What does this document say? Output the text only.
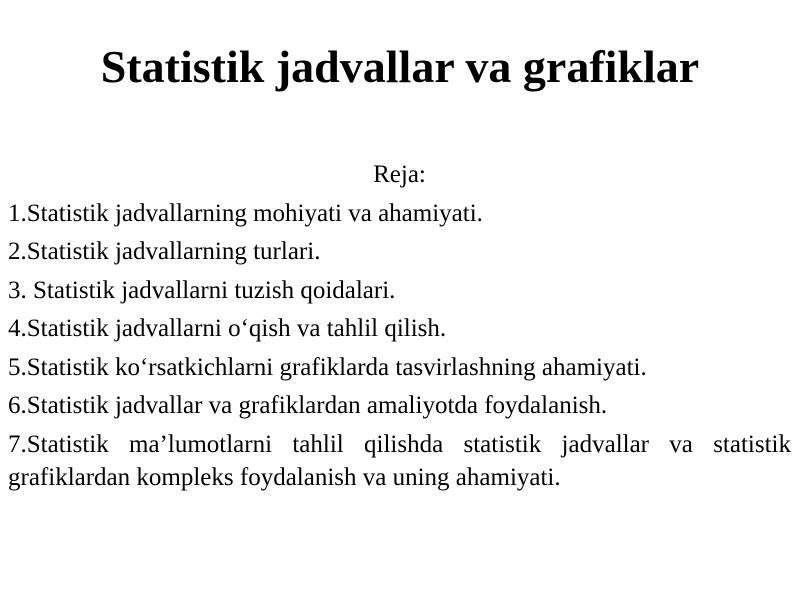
Statistik jadvallar va grafiklar

Reja:

1.Statistik jadvallarning mohiyati va ahamiyati.
2.Statistik jadvallarning turlari.
3. Statistik jadvallarni tuzish qoidalari.
4.Statistik jadvallarni o‘qish va tahlil qilish.
5.Statistik ko‘rsatkichlarni grafiklarda tasvirlashning ahamiyati.
6.Statistik jadvallar va grafiklardan amaliyotda foydalanish.
7.Statistik ma’lumotlarni tahlil qilishda statistik jadvallar va statistik grafiklardan kompleks foydalanish va uning ahamiyati.
